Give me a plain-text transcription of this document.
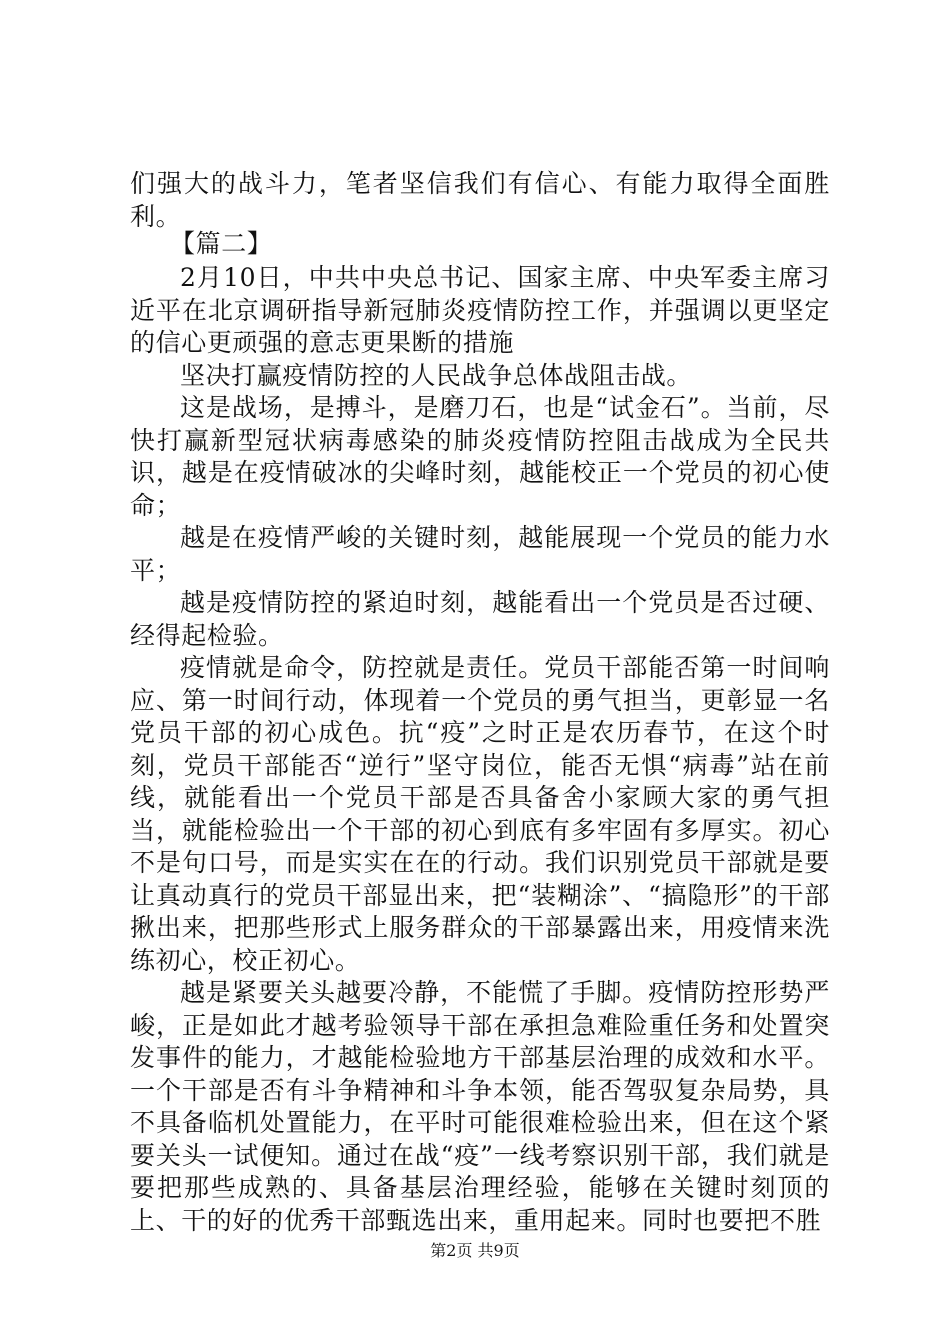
们强大的战斗力，笔者坚信我们有信心、有能力取得全面胜利。

【篇二】

2月10日，中共中央总书记、国家主席、中央军委主席习近平在北京调研指导新冠肺炎疫情防控工作，并强调以更坚定的信心更顽强的意志更果断的措施

坚决打赢疫情防控的人民战争总体战阻击战。

这是战场，是搏斗，是磨刀石，也是“试金石”。当前，尽快打赢新型冠状病毒感染的肺炎疫情防控阻击战成为全民共识，越是在疫情破冰的尖峰时刻，越能校正一个党员的初心使命；

越是在疫情严峻的关键时刻，越能展现一个党员的能力水平；

越是疫情防控的紧迫时刻，越能看出一个党员是否过硬、经得起检验。

疫情就是命令，防控就是责任。党员干部能否第一时间响应、第一时间行动，体现着一个党员的勇气担当，更彰显一名党员干部的初心成色。抗“疫”之时正是农历春节，在这个时刻，党员干部能否“逆行”坚守岗位，能否无惧“病毒”站在前线，就能看出一个党员干部是否具备舍小家顾大家的勇气担当，就能检验出一个干部的初心到底有多牢固有多厚实。初心不是句口号，而是实实在在的行动。我们识别党员干部就是要让真动真行的党员干部显出来，把“装糊涂”、“搞隐形”的干部揪出来，把那些形式上服务群众的干部暴露出来，用疫情来洗练初心，校正初心。

越是紧要关头越要冷静，不能慌了手脚。疫情防控形势严峻，正是如此才越考验领导干部在承担急难险重任务和处置突发事件的能力，才越能检验地方干部基层治理的成效和水平。一个干部是否有斗争精神和斗争本领，能否驾驭复杂局势，具不具备临机处置能力，在平时可能很难检验出来，但在这个紧要关头一试便知。通过在战“疫”一线考察识别干部，我们就是要把那些成熟的、具备基层治理经验，能够在关键时刻顶的上、干的好的优秀干部甄选出来，重用起来。同时也要把不胜

第2页 共9页
